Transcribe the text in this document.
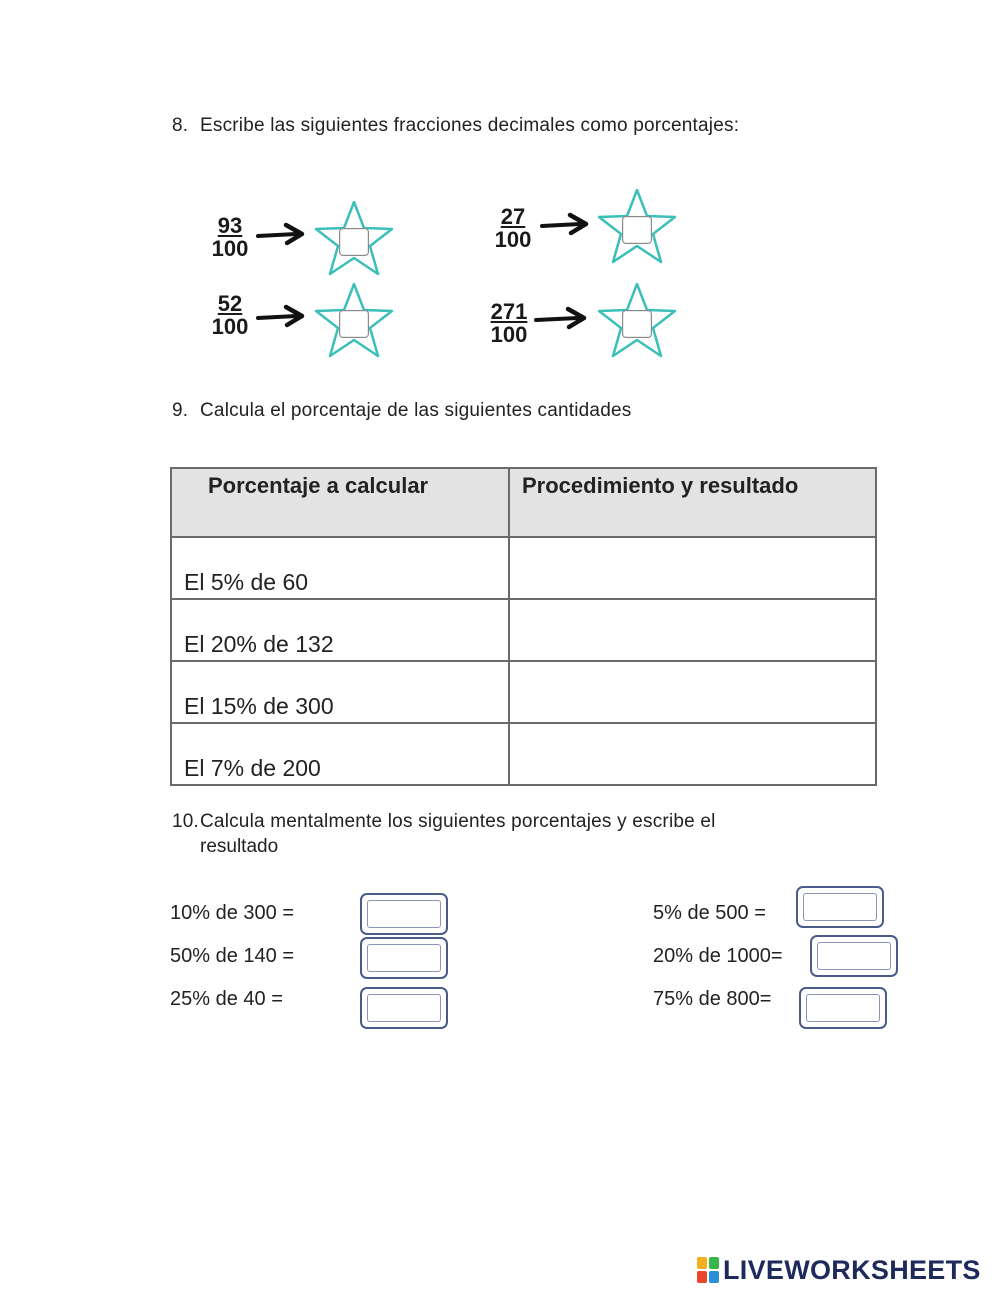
8. Escribe las siguientes fracciones decimales como porcentajes:
$\frac{93}{100}$	$\frac{27}{100}$
$\frac{52}{100}$	$\frac{271}{100}$
9. Calcula el porcentaje de las siguientes cantidades
Porcentaje a calcular	Procedimiento y resultado
El 5% de 60	
El 20% de 132	
El 15% de 300	
El 7% de 200	
10.Calcula mentalmente los siguientes porcentajes y escribe el
resultado
10% de 300 =
50% de 140 =
25% de 40 =
5% de 500 =
20% de 1000=
75% de 800=
LIVEWORKSHEETS
